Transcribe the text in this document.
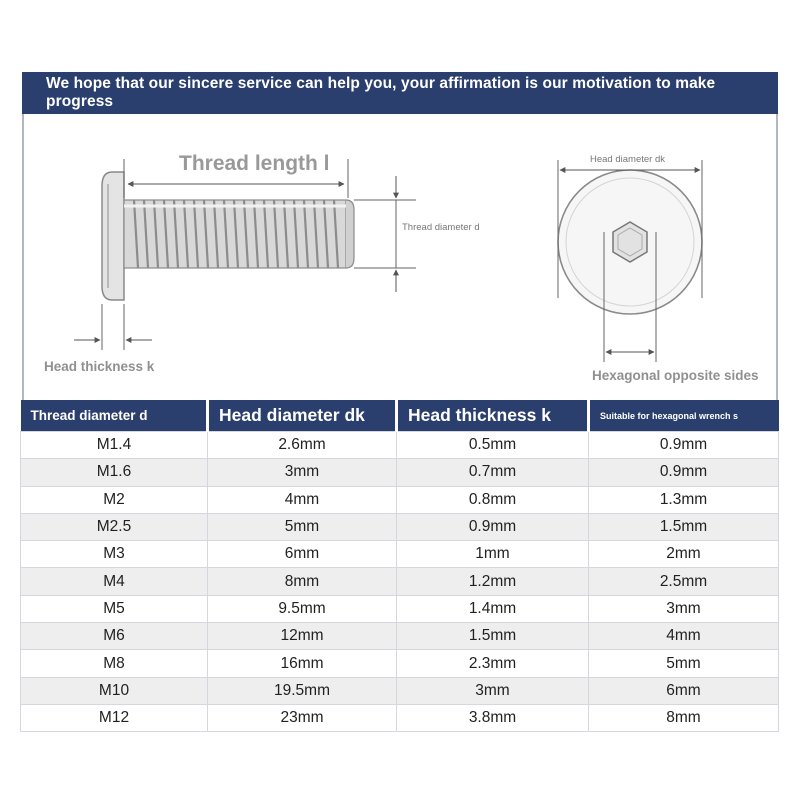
We hope that our sincere service can help you, your affirmation is our motivation to make progress
Thread length l
Thread diameter d
Head diameter dk
Head thickness k
Hexagonal opposite sides
Thread diameter d	Head diameter dk	Head thickness k	Suitable for hexagonal wrench s
M1.4	2.6mm	0.5mm	0.9mm
M1.6	3mm	0.7mm	0.9mm
M2	4mm	0.8mm	1.3mm
M2.5	5mm	0.9mm	1.5mm
M3	6mm	1mm	2mm
M4	8mm	1.2mm	2.5mm
M5	9.5mm	1.4mm	3mm
M6	12mm	1.5mm	4mm
M8	16mm	2.3mm	5mm
M10	19.5mm	3mm	6mm
M12	23mm	3.8mm	8mm
